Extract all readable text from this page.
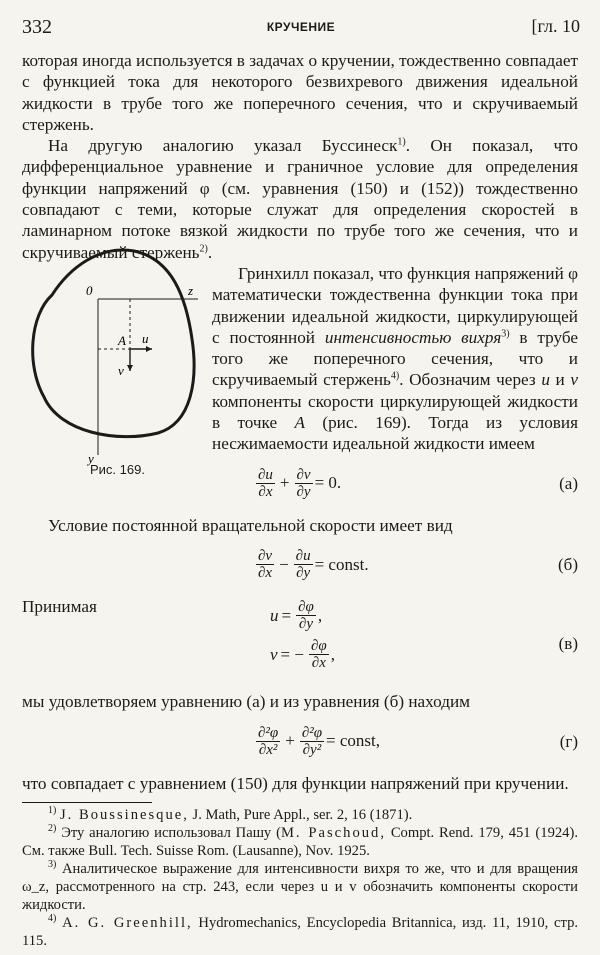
332	КРУЧЕНИЕ	[гл. 10

которая иногда используется в задачах о кручении, тождественно совпадает с функцией тока для некоторого безвихревого движения идеальной жидкости в трубе того же поперечного сечения, что и скручиваемый стержень.

На другую аналогию указал Буссинеск$^{1)}$. Он показал, что дифференциальное уравнение и граничное условие для определения функции напряжений φ (см. уравнения (150) и (152)) тождественно совпадают с теми, которые служат для определения скоростей в ламинарном потоке вязкой жидкости по трубе того же сечения, что и скручиваемый стержень$^{2)}$.

0	z
y
A u
v
Рис. 169.

Гринхилл показал, что функция напряжений φ математически тождественна функции тока при движении идеальной жидкости, циркулирующей с постоянной интенсивностью вихря$^{3)}$ в трубе того же поперечного сечения, что и скручиваемый стержень$^{4)}$. Обозначим через u и v компоненты скорости циркулирующей жидкости в точке A (рис. 169). Тогда из условия несжимаемости идеальной жидкости имеем

$\frac{\partial u}{\partial x} + \frac{\partial v}{\partial y} = 0$.	(а)

Условие постоянной вращательной скорости имеет вид

$\frac{\partial v}{\partial x} - \frac{\partial u}{\partial y}$ = const.	(б)

Принимая	$u = \frac{\partial\varphi}{\partial y}$ ,
v = − $\frac{\partial\varphi}{\partial x}$ ,
(в)

мы удовлетворяем уравнению (а) и из уравнения (б) находим

$\frac{\text{∂²φ}}{\text{∂x²}} + \frac{\text{∂²φ}}{\text{∂y²}}$ = const,	(г)

что совпадает с уравнением (150) для функции напряжений при кручении.

$^{1)}$ J. Boussinesque, J. Math, Pure Appl., ser. 2, 16 (1871).

$^{2)}$ Эту аналогию использовал Пашу (M. Paschoud, Compt. Rend. 179, 451 (1924). См. также Bull. Tech. Suisse Rom. (Lausanne), Nov. 1925.

$^{3)}$ Аналитическое выражение для интенсивности вихря то же, что и для вращения ω_z, рассмотренного на стр. 243, если через u и v обозначить компоненты скорости жидкости.

$^{4)}$ A. G. Greenhill, Hydromechanics, Encyclopedia Britannica, изд. 11, 1910, стр. 115.
